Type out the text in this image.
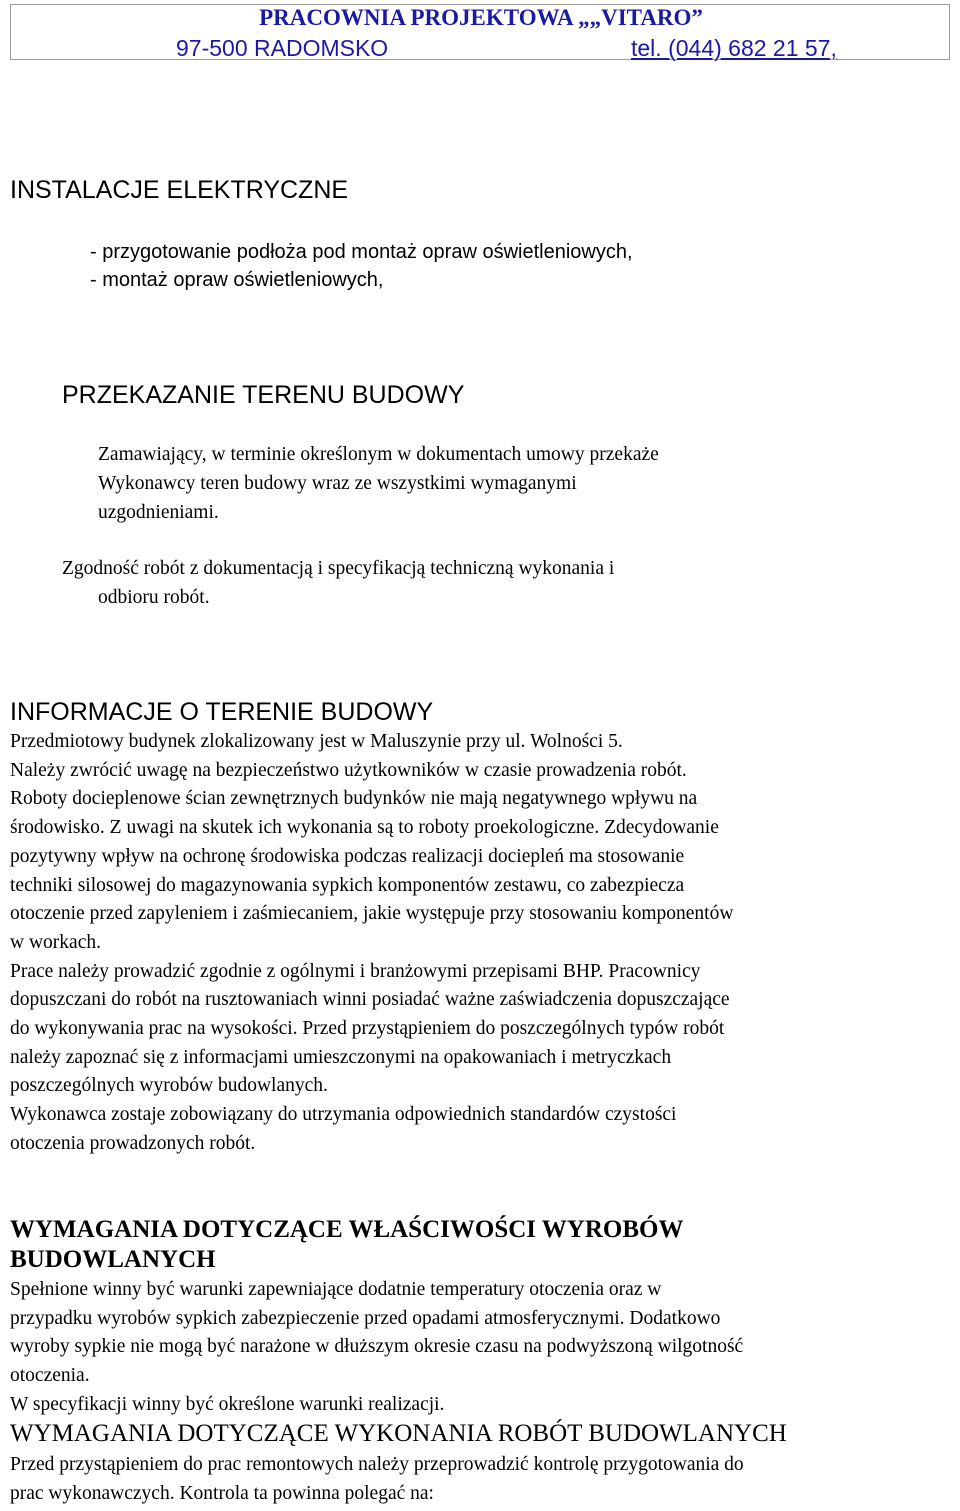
PRACOWNIA PROJEKTOWA „„VITARO”
97-500 RADOMSKO	tel. (044) 682 21 57,
INSTALACJE ELEKTRYCZNE
- przygotowanie podłoża pod montaż opraw oświetleniowych,
- montaż opraw oświetleniowych,
PRZEKAZANIE TERENU BUDOWY
Zamawiający, w terminie określonym w dokumentach umowy przekaże
Wykonawcy teren budowy wraz ze wszystkimi wymaganymi
uzgodnieniami.
Zgodność robót z dokumentacją i specyfikacją techniczną wykonania i
odbioru robót.
INFORMACJE O TERENIE BUDOWY
Przedmiotowy budynek zlokalizowany jest w Maluszynie przy ul. Wolności 5.
Należy zwrócić uwagę na bezpieczeństwo użytkowników w czasie prowadzenia robót.
Roboty docieplenowe ścian zewnętrznych budynków nie mają negatywnego wpływu na
środowisko. Z uwagi na skutek ich wykonania są to roboty proekologiczne. Zdecydowanie
pozytywny wpływ na ochronę środowiska podczas realizacji dociepleń ma stosowanie
techniki silosowej do magazynowania sypkich komponentów zestawu, co zabezpiecza
otoczenie przed zapyleniem i zaśmiecaniem, jakie występuje przy stosowaniu komponentów
w workach.
Prace należy prowadzić zgodnie z ogólnymi i branżowymi przepisami BHP. Pracownicy
dopuszczani do robót na rusztowaniach winni posiadać ważne zaświadczenia dopuszczające
do wykonywania prac na wysokości. Przed przystąpieniem do poszczególnych typów robót
należy zapoznać się z informacjami umieszczonymi na opakowaniach i metryczkach
poszczególnych wyrobów budowlanych.
Wykonawca zostaje zobowiązany do utrzymania odpowiednich standardów czystości
otoczenia prowadzonych robót.
WYMAGANIA DOTYCZĄCE WŁAŚCIWOŚCI WYROBÓW
BUDOWLANYCH
Spełnione winny być warunki zapewniające dodatnie temperatury otoczenia oraz w
przypadku wyrobów sypkich zabezpieczenie przed opadami atmosferycznymi. Dodatkowo
wyroby sypkie nie mogą być narażone w dłuższym okresie czasu na podwyższoną wilgotność
otoczenia.
W specyfikacji winny być określone warunki realizacji.
WYMAGANIA DOTYCZĄCE WYKONANIA ROBÓT BUDOWLANYCH
Przed przystąpieniem do prac remontowych należy przeprowadzić kontrolę przygotowania do
prac wykonawczych. Kontrola ta powinna polegać na:
